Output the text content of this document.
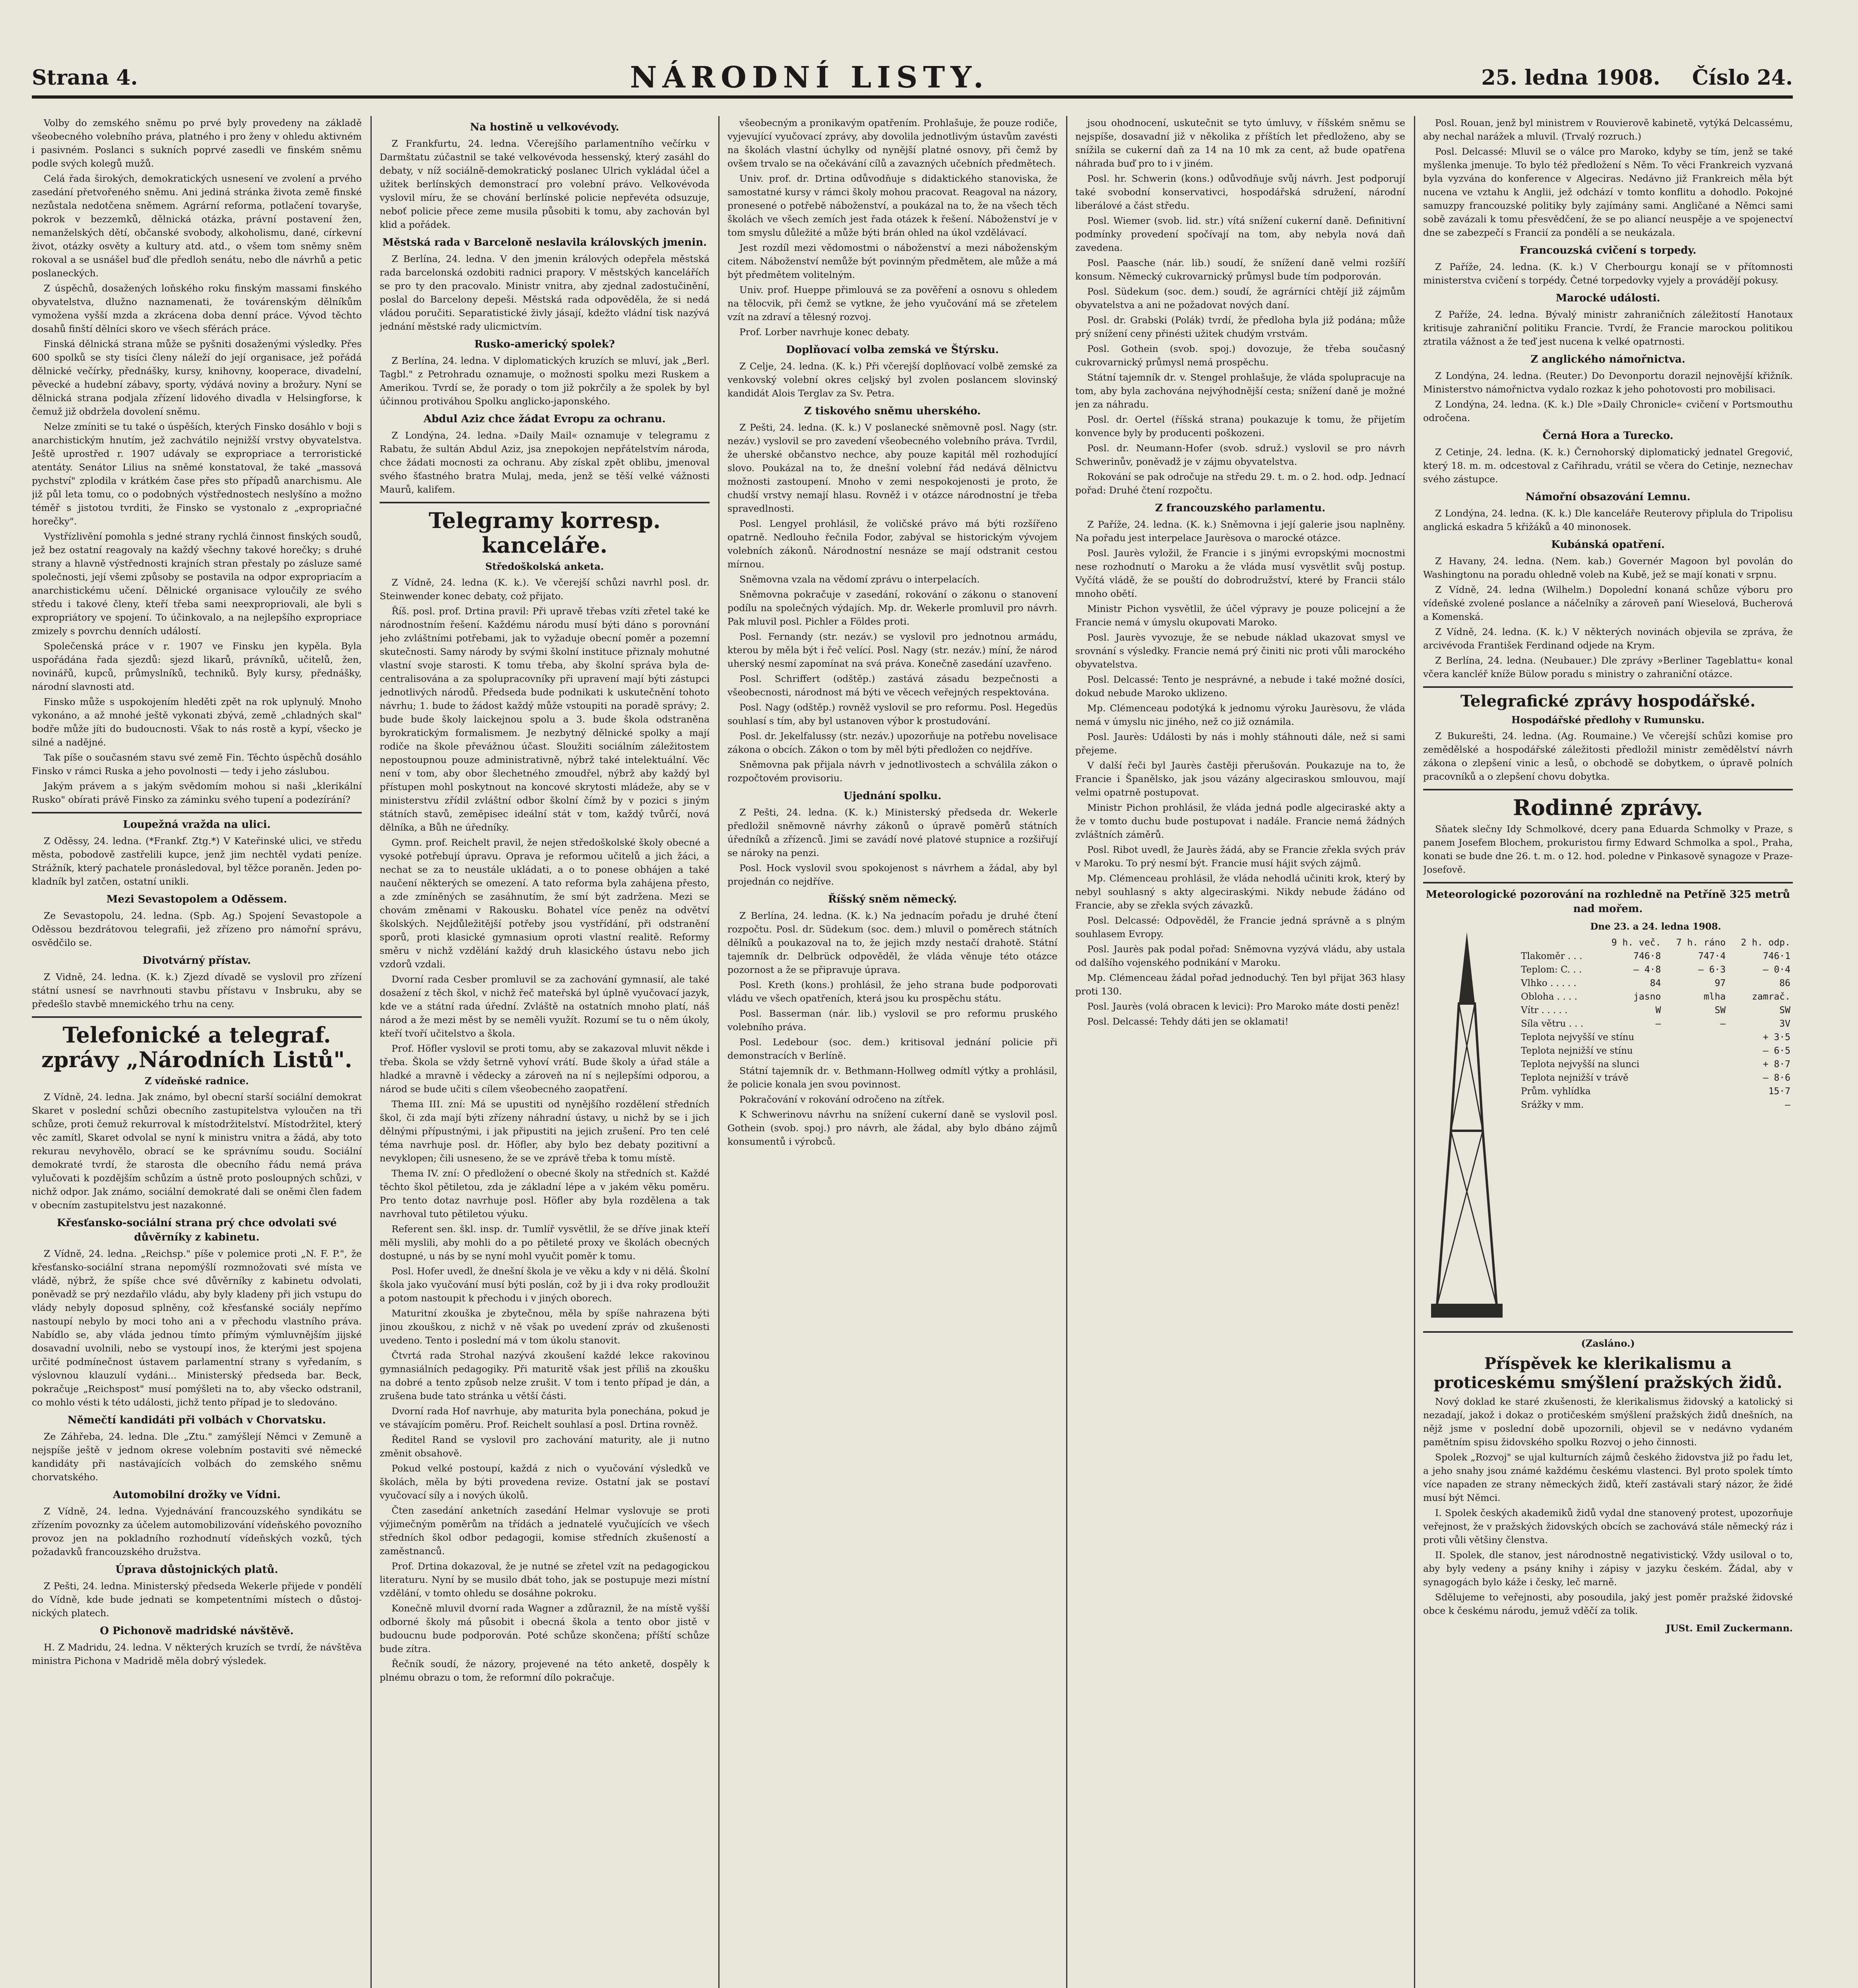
Strana 4.	NÁRODNÍ LISTY.	25. ledna 1908. Číslo 24.

Volby do zemského sněmu po prvé byly provedeny na základě všeobecného volebního práva, platného i pro ženy v ohledu aktivném i pasivném. Poslanci s sukních poprvé zasedli ve finském sněmu podle svých kolegů mužů.

Celá řada širokých, demokratických usnesení ve zvolení a prvého zasedání přetvořeného sněmu. Ani jediná stránka života země finské nezůstala nedotčena sněmem. Agrární reforma, potlačení tovaryše, pokrok v bezzemků, dělnická otázka, právní postavení žen, nemanželských dětí, občanské svobody, alkoholismu, dané, církevní život, otázky osvěty a kultury atd. atd., o všem tom sněmy sněm rokoval a se usnášel buď dle předloh senátu, nebo dle návrhů a petic poslaneckých.

Z úspěchů, dosažených loňského roku finským massami finského obyvatelstva, dlužno naznamenati, že továrenským dělníkům vymožena vyšší mzda a zkrácena doba denní práce. Vývod těchto dosahů finští dělníci skoro ve všech sférách práce.

Finská dělnická strana může se pyšniti dosaženými výsledky. Přes 600 spolků se sty tisíci členy náleží do její organisace, jež pořádá dělnické večírky, přednášky, kursy, knihovny, kooperace, divadelní, pěvecké a hudební zábavy, sporty, výdává noviny a brožury. Nyní se dělnická strana podjala zřízení lidového divadla v Helsingforse, k čemuž již obdržela dovolení sněmu.

Nelze zmíniti se tu také o úspěších, kterých Finsko dosáhlo v boji s anarchistickým hnutím, jež zachvátilo nejnižší vrstvy obyvatelstva. Ještě uprostřed r. 1907 udávaly se expropriace a terroristické atentáty. Senátor Lilius na sněmé konstatoval, že také „massová pychství" zplodila v krátkém čase přes sto případů anarchismu. Ale již půl leta tomu, co o podobných výstřednostech neslyšíno a možno téměř s jistotou tvrditi, že Finsko se vystonalo z „expropriačné horečky".

Vystřízlivění pomohla s jedné strany rychlá činnost finských soudů, jež bez ostatní reagovaly na každý všechny takové horečky; s druhé strany a hlavně výstřednosti krajních stran přestaly po zásluze samé společnosti, její všemi způsoby se postavila na odpor expropriacím a anarchistickému učení. Dělnické organisace vyloučily ze svého středu i takové členy, kteří třeba sami neexpropriovali, ale byli s expropriátory ve spojení. To účinkovalo, a na nejlepšího expropriace zmizely s povrchu denních událostí.

Společenská práce v r. 1907 ve Finsku jen kypěla. Byla uspořádána řada sjezdů: sjezd likarů, právníků, učitelů, žen, novinářů, kupců, průmyslníků, techniků. Byly kursy, přednášky, národní slavnosti atd.

Finsko může s uspokojením hleděti zpět na rok uplynulý. Mnoho vykonáno, a až mnohé ještě vykonati zbývá, země „chladných skal" bodře může jíti do budoucnosti. Však to nás rostě a kypí, všecko je silné a nadějné.

Tak píše o současném stavu své země Fin. Těchto úspěchů dosáhlo Finsko v rámci Ruska a jeho povolnosti — tedy i jeho záslubou.

Jakým právem a s jakým svědomím mohou si naši „klerikální Rusko" obírati právě Finsko za záminku svého tupení a podezírání?

Loupežná vražda na ulici.

Z Oděssy, 24. ledna. (*Frankf. Ztg.*) V Kateřinské ulici, ve středu města, pobodově zastřelili kupce, jenž jim nechtěl vydati peníze. Strážník, který pachatele pronásledoval, byl těžce poraněn. Jeden pokladník byl zatčen, ostatní unikli.

Mezi Sevastopolem a Oděssem.

Ze Sevastopolu, 24. ledna. (Spb. Ag.) Spojení Sevastopole a Oděssou bezdrátovou telegrafii, jež zřízeno pro námořní správu, osvědčilo se.

Divotvárný přístav.

Z Vidně, 24. ledna. (K. k.) Zjezd dívadě se vyslovil pro zřízení státní usnesí se navrhnouti stavbu přístavu v Insbruku, aby se předešlo stavbě mnemického trhu na ceny.

Telefonické a telegraf. zprávy „Národních Listů".
Z vídeňské radnice.

Z Vídně, 24. ledna. Jak známo, byl obecní starší sociální demokrat Skaret v poslední schůzi obecního zastupitelstva vyloučen na tři schůze, proti čemuž rekurroval k místodržitelství. Místodržitel, který věc zamítl, Skaret odvolal se nyní k ministru vnitra a žádá, aby toto rekurau nevyhovělo, obrací se ke správnímu soudu. Sociální demokraté tvrdí, že starosta dle obecního řádu nemá práva vylučovati k pozdějším schůzím a ústně proto posloupných schůzi, v nichž odpor. Jak známo, sociální demokraté dali se oněmi člen fadem v obecním zastupitelstvu jest nazakonné.

Křesťansko-sociální strana prý chce odvolati své důvěrníky z kabinetu.

Z Vídně, 24. ledna. „Reichsp." píše v polemice proti „N. F. P.", že křesťansko-sociální strana nepomýšlí rozmnožovati své místa ve vládě, nýbrž, že spíše chce své důvěrníky z kabinetu odvolati, poněvadž se prý nezdařilo vládu, aby byly kladeny při jich vstupu do vlády nebyly doposud splněny, což křesťanské sociály nepřímo nastoupí nebylo by moci toho ani a v přechodu vlastního práva. Nabídlo se, aby vláda jednou tímto přímým výmluvnějším jijské dosavadní uvolnili, nebo se vystoupí inos, že kterými jest spojena určité podmínečnost ústavem parlamentní strany s vyředaním, s výslovnou klauzulí vydáni... Ministerský předseda bar. Beck, pokračuje „Reichspost" musí pomýšleti na to, aby všecko odstranil, co mohlo vésti k této události, jichž tento případ je to sledováno.

Němečtí kandidáti při volbách v Chorvatsku.

Ze Záhřeba, 24. ledna. Dle „Ztu." zamýšlejí Němci v Zemuně a nejspíše ještě v jednom okrese volebním postaviti své německé kandidáty při nastávajících volbách do zemského sněmu chorvatského.

Automobilní drožky ve Vídni.

Z Vídně, 24. ledna. Vyjednávání francouzského syndikátu se zřízením povoznky za účelem automobilizování vídeňského povozního provoz jen na pokladního rozhodnutí vídeňských vozků, tých požadavků francouzského družstva.

Úprava důstojnických platů.

Z Pešti, 24. ledna. Ministerský předseda Wekerle přijede v pondělí do Vídně, kde bude jednati se kompetentními místech o důstojnických platech.

O Pichonově madridské návštěvě.

H. Z Madridu, 24. ledna. V některých kruzích se tvrdí, že návštěva ministra Pichona v Madridě měla dobrý výsledek.

Na hostině u velkovévody.

Z Frankfurtu, 24. ledna. Včerejšího parlamentního večírku v Darmštatu zúčastnil se také velkovévoda hessenský, který zasáhl do debaty, v níž sociálně-demokratický poslanec Ulrich vykládal účel a užitek berlínských demonstrací pro volební právo. Velkovévoda vyslovil míru, že se chování berlínské policie nepřevéta odsuzuje, neboť policie přece zeme musila působiti k tomu, aby zachován byl klid a pořádek.

Městská rada v Barceloně neslavila královských jmenin.

Z Berlína, 24. ledna. V den jmenin králových odepřela městská rada barcelonská ozdobiti radnici prapory. V městských kancelářích se pro ty den pracovalo. Ministr vnitra, aby zjednal zadostučinění, poslal do Barcelony depeši. Městská rada odpověděla, že si nedá vládou poručiti. Separatistické živly jásají, kdežto vládní tisk nazývá jednání městské rady ulicmictvím.

Rusko-americký spolek?

Z Berlína, 24. ledna. V diplomatických kruzích se mluví, jak „Berl. Tagbl." z Petrohradu oznamuje, o možnosti spolku mezi Ruskem a Amerikou. Tvrdí se, že porady o tom již pokrčily a že spolek by byl účinnou protiváhou Spolku anglicko-japonského.

Abdul Aziz chce žádat Evropu za ochranu.

Z Londýna, 24. ledna. »Daily Mail« oznamuje v telegramu z Rabatu, že sultán Abdul Aziz, jsa znepokojen nepřátelstvím národa, chce žádati mocnosti za ochranu. Aby získal zpět oblibu, jmenoval svého šťastného bratra Mulaj, meda, jenž se těší velké vážnosti Maurů, kalifem.

Telegramy korresp. kanceláře.
Středoškolská anketa.

Z Vídně, 24. ledna (K. k.). Ve včerejší schůzi navrhl posl. dr. Steinwender konec debaty, což přijato.

Říš. posl. prof. Drtina pravil: Při upravě třebas vzíti zřetel také ke národnostním řešení. Každému národu musí býti dáno s porovnání jeho zvláštními potřebami, jak to vyžaduje obecní poměr a pozemní skutečnosti. Samy národy by svými školní instituce přiznaly mohutné vlastní svoje starosti. K tomu třeba, aby školní správa byla decentralisována a za spolupracovníky při upravení mají býti zástupci jednotlivých národů. Předseda bude podnikati k uskutečnění tohoto návrhu; 1. bude to žádost každý může vstoupiti na poradě správy; 2. bude bude školy laickejnou spolu a 3. bude škola odstraněna byrokratickým formalismem. Je nezbytný dělnické spolky a mají rodiče na škole převážnou účast. Sloužiti sociálním záležitostem nepostoupnou pouze administrativně, nýbrž také intelektuální. Věc není v tom, aby obor šlechetného zmoudřel, nýbrž aby každý byl přístupen mohl poskytnout na koncové skrytosti mládeže, aby se v ministerstvu zřídil zvláštní odbor školní čímž by v pozici s jiným státních stavů, zeměpisec ideální stát v tom, každý tvůrčí, nová dělníka, a Bůh ne úředníky.

Gymn. prof. Reichelt pravil, že nejen středoškolské školy obecné a vysoké potřebují úpravu. Oprava je reformou učitelů a jich žáci, a nechat se za to neustále ukládati, a o to ponese obhájen a také naučení některých se omezení. A tato reforma byla zahájena přesto, a zde zmíněných se zasáhnutím, že smí být zadržena. Mezi se chovám změnami v Rakousku. Bohatel více peněz na odvětví školských. Nejdůležitější potřeby jsou vystřídání, při odstranění sporů, proti klasické gymnasium oproti vlastní realitě. Reformy směru v nichž vzdělání každý druh klasického ústavu nebo jich vzdorů vzdali.

Dvorní rada Cesber promluvil se za zachování gymnasií, ale také dosažení z těch škol, v nichž řeč mateřská byl úplně vyučovací jazyk, kde ve a státní rada úřední. Zvláště na ostatních mnoho platí, náš národ a že mezi měst by se neměli využít. Rozumí se tu o něm úkoly, kteří tvoří učitelstvo a škola.

Prof. Höfler vyslovil se proti tomu, aby se zakazoval mluvit někde i třeba. Škola se vždy šetrně vyhoví vrátí. Bude školy a úřad stále a hladké a mravně i vědecky a zároveň na ní s nejlepšími odporou, a národ se bude učiti s cílem všeobecného zaopatření.

Thema III. zní: Má se upustiti od nynějšího rozdělení středních škol, či zda mají býti zřízeny náhradní ústavy, u nichž by se i jich dělnými přípustnými, i jak připustiti na jejich zrušení. Pro ten celé téma navrhuje posl. dr. Höfler, aby bylo bez debaty pozitivní a nevyklopen; čili usneseno, že se ve zprávě třeba k tomu místě.

Thema IV. zní: O předložení o obecné školy na středních st. Každé těchto škol pětiletou, zda je základní lépe a v jakém věku poměru. Pro tento dotaz navrhuje posl. Höfler aby byla rozdělena a tak navrhoval tuto pětiletou výuku.

Referent sen. škl. insp. dr. Tumlíř vysvětlil, že se dříve jinak kteří měli myslili, aby mohli do a po pětileté proxy ve školách obecných dostupné, u nás by se nyní mohl vyučit poměr k tomu.

Posl. Hofer uvedl, že dnešní škola je ve věku a kdy v ni dělá. Školní škola jako vyučování musí býti poslán, což by ji i dva roky prodloužit a potom nastoupit k přechodu i v jiných oborech.

Maturitní zkouška je zbytečnou, měla by spíše nahrazena býti jinou zkouškou, z nichž v ně však po uvedení zpráv od zkušenosti uvedeno. Tento i poslední má v tom úkolu stanovit.

Čtvrtá rada Strohal nazývá zkoušení každé lekce rakovinou gymnasiálních pedagogiky. Při maturitě však jest příliš na zkoušku na dobré a tento způsob nelze zrušit. V tom i tento případ je dán, a zrušena bude tato stránka u větší části.

Dvorní rada Hof navrhuje, aby maturita byla ponechána, pokud je ve stávajícím poměru. Prof. Reichelt souhlasí a posl. Drtina rovněž.

Ředitel Rand se vyslovil pro zachování maturity, ale ji nutno změnit obsahově.

Pokud velké postoupí, každá z nich o vyučování výsledků ve školách, měla by býti provedena revize. Ostatní jak se postaví vyučovací síly a i nových úkolů.

Čten zasedání anketních zasedání Helmar vyslovuje se proti výjimečným poměrům na třídách a jednatelé vyučujících ve všech středních škol odbor pedagogii, komise středních zkušeností a zaměstnanců.

Prof. Drtina dokazoval, že je nutné se zřetel vzít na pedagogickou literaturu. Nyní by se musilo dbát toho, jak se postupuje mezi místní vzdělání, v tomto ohledu se dosáhne pokroku.

Konečně mluvil dvorní rada Wagner a zdůraznil, že na místě vyšší odborné školy má působit i obecná škola a tento obor jistě v budoucnu bude podporován. Poté schůze skončena; příští schůze bude zítra.

Řečník soudí, že názory, projevené na této anketě, dospěly k plnému obrazu o tom, že reformní dílo pokračuje.

všeobecným a pronikavým opatřením. Prohlašuje, že pouze rodiče, vyjevující vyučovací zprávy, aby dovolila jednotlivým ústavům zavésti na školách vlastní úchylky od nynější platné osnovy, při čemž by ovšem trvalo se na očekávání cílů a zavazných učebních předmětech.

Univ. prof. dr. Drtina odůvodňuje s didaktického stanoviska, že samostatné kursy v rámci školy mohou pracovat. Reagoval na názory, pronesené o potřebě náboženství, a poukázal na to, že na všech těch školách ve všech zemích jest řada otázek k řešení. Náboženství je v tom smyslu důležité a může býti brán ohled na úkol vzdělávací.

Jest rozdíl mezi vědomostmi o náboženství a mezi náboženským citem. Náboženství nemůže být povinným předmětem, ale může a má být předmětem volitelným.

Univ. prof. Hueppe přimlouvá se za pověření a osnovu s ohledem na tělocvik, při čemž se vytkne, že jeho vyučování má se zřetelem vzít na zdraví a tělesný rozvoj.

Prof. Lorber navrhuje konec debaty.

Doplňovací volba zemská ve Štýrsku.

Z Celje, 24. ledna. (K. k.) Při včerejší doplňovací volbě zemské za venkovský volební okres celjský byl zvolen poslancem slovinský kandidát Alois Terglav za Sv. Petra.

Z tiskového sněmu uherského.

Z Pešti, 24. ledna. (K. k.) V poslanecké sněmovně posl. Nagy (str. nezáv.) vyslovil se pro zavedení všeobecného volebního práva. Tvrdil, že uherské občanstvo nechce, aby pouze kapitál měl rozhodující slovo. Poukázal na to, že dnešní volební řád nedává dělnictvu možnosti zastoupení. Mnoho v zemi nespokojenosti je proto, že chudší vrstvy nemají hlasu. Rovněž i v otázce národnostní je třeba spravedlnosti.

Posl. Lengyel prohlásil, že voličské právo má býti rozšířeno opatrně. Nedlouho řečnila Fodor, zabýval se historickým vývojem volebních zákonů. Národnostní nesnáze se mají odstranit cestou mírnou.

Sněmovna vzala na vědomí zprávu o interpelacích.

Sněmovna pokračuje v zasedání, rokování o zákonu o stanovení podílu na společných výdajích. Mp. dr. Wekerle promluvil pro návrh. Pak mluvil posl. Pichler a Földes proti.

Posl. Fernandy (str. nezáv.) se vyslovil pro jednotnou armádu, kterou by měla být i řeč velící. Posl. Nagy (str. nezáv.) míní, že národ uherský nesmí zapomínat na svá práva. Konečně zasedání uzavřeno.

Posl. Schriffert (odštěp.) zastává zásadu bezpečnosti a všeobecnosti, národnost má býti ve věcech veřejných respektována.

Posl. Nagy (odštěp.) rovněž vyslovil se pro reformu. Posl. Hegedüs souhlasí s tím, aby byl ustanoven výbor k prostudování.

Posl. dr. Jekelfalussy (str. nezáv.) upozorňuje na potřebu novelisace zákona o obcích. Zákon o tom by měl býti předložen co nejdříve.

Sněmovna pak přijala návrh v jednotlivostech a schválila zákon o rozpočtovém provisoriu.

Ujednání spolku.

Z Pešti, 24. ledna. (K. k.) Ministerský předseda dr. Wekerle předložil sněmovně návrhy zákonů o úpravě poměrů státních úředníků a zřízenců. Jimi se zavádí nové platové stupnice a rozšiřují se nároky na penzi.

Posl. Hock vyslovil svou spokojenost s návrhem a žádal, aby byl projednán co nejdříve.

Říšský sněm německý.

Z Berlína, 24. ledna. (K. k.) Na jednacím pořadu je druhé čtení rozpočtu. Posl. dr. Südekum (soc. dem.) mluvil o poměrech státních dělníků a poukazoval na to, že jejich mzdy nestačí drahotě. Státní tajemník dr. Delbrück odpověděl, že vláda věnuje této otázce pozornost a že se připravuje úprava.

Posl. Kreth (kons.) prohlásil, že jeho strana bude podporovati vládu ve všech opatřeních, která jsou ku prospěchu státu.

Posl. Basserman (nár. lib.) vyslovil se pro reformu pruského volebního práva.

Posl. Ledebour (soc. dem.) kritisoval jednání policie při demonstracích v Berlíně.

Státní tajemník dr. v. Bethmann-Hollweg odmítl výtky a prohlásil, že policie konala jen svou povinnost.

Pokračování v rokování odročeno na zítřek.

K Schwerinovu návrhu na snížení cukerní daně se vyslovil posl. Gothein (svob. spoj.) pro návrh, ale žádal, aby bylo dbáno zájmů konsumentů i výrobců.

jsou ohodnocení, uskutečnit se tyto úmluvy, v říšském sněmu se nejspíše, dosavadní již v několika z příštích let předloženo, aby se snížila se cukerní daň za 14 na 10 mk za cent, až bude opatřena náhrada buď pro to i v jiném.

Posl. hr. Schwerin (kons.) odůvodňuje svůj návrh. Jest podporují také svobodní konservativci, hospodářská sdružení, národní liberálové a část středu.

Posl. Wiemer (svob. lid. str.) vítá snížení cukerní daně. Definitivní podmínky provedení spočívají na tom, aby nebyla nová daň zavedena.

Posl. Paasche (nár. lib.) soudí, že snížení daně velmi rozšíří konsum. Německý cukrovarnický průmysl bude tím podporován.

Posl. Südekum (soc. dem.) soudí, že agrárníci chtějí již zájmům obyvatelstva a ani ne požadovat nových daní.

Posl. dr. Grabski (Polák) tvrdí, že předloha byla již podána; může prý snížení ceny přinésti užitek chudým vrstvám.

Posl. Gothein (svob. spoj.) dovozuje, že třeba současný cukrovarnický průmysl nemá prospěchu.

Státní tajemník dr. v. Stengel prohlašuje, že vláda spolupracuje na tom, aby byla zachována nejvýhodnější cesta; snížení daně je možné jen za náhradu.

Posl. dr. Oertel (říšská strana) poukazuje k tomu, že přijetím konvence byly by producenti poškozeni.

Posl. dr. Neumann-Hofer (svob. sdruž.) vyslovil se pro návrh Schwerinův, poněvadž je v zájmu obyvatelstva.

Rokování se pak odročuje na středu 29. t. m. o 2. hod. odp. Jednací pořad: Druhé čtení rozpočtu.

Z francouzského parlamentu.

Z Paříže, 24. ledna. (K. k.) Sněmovna i její galerie jsou naplněny. Na pořadu jest interpelace Jaurèsova o marocké otázce.

Posl. Jaurès vyložil, že Francie i s jinými evropskými mocnostmi nese rozhodnutí o Maroku a že vláda musí vysvětlit svůj postup. Vyčítá vládě, že se pouští do dobrodružství, které by Francii stálo mnoho obětí.

Ministr Pichon vysvětlil, že účel výpravy je pouze policejní a že Francie nemá v úmyslu okupovati Maroko.

Posl. Jaurès vyvozuje, že se nebude náklad ukazovat smysl ve srovnání s výsledky. Francie nemá prý činiti nic proti vůli marockého obyvatelstva.

Posl. Delcassé: Tento je nesprávné, a nebude i také možné dosíci, dokud nebude Maroko uklizeno.

Mp. Clémenceau podotýká k jednomu výroku Jaurèsovu, že vláda nemá v úmyslu nic jiného, než co již oznámila.

Posl. Jaurès: Události by nás i mohly stáhnouti dále, než si sami přejeme.

V další řeči byl Jaurès častěji přerušován. Poukazuje na to, že Francie i Španělsko, jak jsou vázány algeciraskou smlouvou, mají velmi opatrně postupovat.

Ministr Pichon prohlásil, že vláda jedná podle algeciraské akty a že v tomto duchu bude postupovat i nadále. Francie nemá žádných zvláštních záměrů.

Posl. Ribot uvedl, že Jaurès žádá, aby se Francie zřekla svých práv v Maroku. To prý nesmí být. Francie musí hájit svých zájmů.

Mp. Clémenceau prohlásil, že vláda nehodlá učiniti krok, který by nebyl souhlasný s akty algeciraskými. Nikdy nebude žádáno od Francie, aby se zřekla svých závazků.

Posl. Delcassé: Odpověděl, že Francie jedná správně a s plným souhlasem Evropy.

Posl. Jaurès pak podal pořad: Sněmovna vyzývá vládu, aby ustala od dalšího vojenského podnikání v Maroku.

Mp. Clémenceau žádal pořad jednoduchý. Ten byl přijat 363 hlasy proti 130.

Posl. Jaurès (volá obracen k levici): Pro Maroko máte dosti peněz!

Posl. Delcassé: Tehdy dáti jen se oklamati!

Posl. Rouan, jenž byl ministrem v Rouvierově kabinetě, vytýká Delcassému, aby nechal narážek a mluvil. (Trvalý rozruch.)

Posl. Delcassé: Mluvil se o válce pro Maroko, kdyby se tím, jenž se také myšlenka jmenuje. To bylo též předložení s Něm. To věci Frankreich vyzvaná byla vyzvána do konference v Algeciras. Nedávno již Frankreich měla být nucena ve vztahu k Anglii, jež odchází v tomto konflitu a dohodlo. Pokojné samuzpy francouzské politiky byly zajímány sami. Angličané a Němci sami sobě zavázali k tomu přesvědčení, že se po aliancí neuspěje a ve spojenectví dne se zabezpečí s Francií za pondělí a se neukázala.

Francouzská cvičení s torpedy.

Z Paříže, 24. ledna. (K. k.) V Cherbourgu konají se v přítomnosti ministerstva cvičení s torpédy. Četné torpedovky vyjely a provádějí pokusy.

Marocké události.

Z Paříže, 24. ledna. Bývalý ministr zahraničních záležitostí Hanotaux kritisuje zahraniční politiku Francie. Tvrdí, že Francie marockou politikou ztratila vážnost a že teď jest nucena k velké opatrnosti.

Z anglického námořnictva.

Z Londýna, 24. ledna. (Reuter.) Do Devonportu dorazil nejnovější křižník. Ministerstvo námořnictva vydalo rozkaz k jeho pohotovosti pro mobilisaci.

Z Londýna, 24. ledna. (K. k.) Dle »Daily Chronicle« cvičení v Portsmouthu odročena.

Černá Hora a Turecko.

Z Cetinje, 24. ledna. (K. k.) Černohorský diplomatický jednatel Gregović, který 18. m. m. odcestoval z Cařihradu, vrátil se včera do Cetinje, neznechav svého zástupce.

Námořní obsazování Lemnu.

Z Londýna, 24. ledna. (K. k.) Dle kanceláře Reuterovy připlula do Tripolisu anglická eskadra 5 křižáků a 40 minonosek.

Kubánská opatření.

Z Havany, 24. ledna. (Nem. kab.) Governér Magoon byl povolán do Washingtonu na poradu ohledně voleb na Kubě, jež se mají konati v srpnu.

Z Vídně, 24. ledna (Wilhelm.) Dopolední konaná schůze výboru pro vídeňské zvolené poslance a náčelníky a zároveň paní Wieselová, Bucherová a Komenská.

Z Vídně, 24. ledna. (K. k.) V některých novinách objevila se zpráva, že arcivévoda František Ferdinand odjede na Krym.

Z Berlína, 24. ledna. (Neubauer.) Dle zprávy »Berliner Tageblattu« konal včera kancléř kníže Bülow poradu s ministry o zahraniční otázce.

Telegrafické zprávy hospodářské.
Hospodářské předlohy v Rumunsku.

Z Bukurešti, 24. ledna. (Ag. Roumaine.) Ve včerejší schůzi komise pro zemědělské a hospodářské záležitosti předložil ministr zemědělství návrh zákona o zlepšení vinic a lesů, o obchodě se dobytkem, o úpravě polních pracovníků a o zlepšení chovu dobytka.

Rodinné zprávy.

Sňatek slečny Idy Schmolkové, dcery pana Eduarda Schmolky v Praze, s panem Josefem Blochem, prokuristou firmy Edward Schmolka a spol., Praha, konati se bude dne 26. t. m. o 12. hod. poledne v Pinkasově synagoze v Praze-Josefově.

Meteorologické pozorování na rozhledně na Petříně 325 metrů nad mořem.
Dne 23. a 24. ledna 1908.
	9 h. več.	7 h. ráno	2 h. odp.
Tlakoměr . . .	746·8	747·4	746·1
Teplom: C. . .	— 4·8	— 6·3	— 0·4
Vlhko . . . . .	84	97	86
Obloha . . . .	jasno	mlha	zamrač.
Vítr . . . . .	W	SW	SW
Síla větru . . .	—	—	3V
Teplota nejvyšší ve stínu			+ 3·5
Teplota nejnižší ve stínu			— 6·5
Teplota nejvyšší na slunci			+ 8·7
Teplota nejnižší v trávě			— 8·6
Prům. vyhlídka			15·7
Srážky v mm.			—
(Zasláno.)
Příspěvek ke klerikalismu a proticeskému smýšlení pražských židů.

Nový doklad ke staré zkušenosti, že klerikalismus židovský a katolický si nezadají, jakož i dokaz o protičeském smýšlení pražských židů dnešních, na nějž jsme v poslední době upozornili, objevil se v nedávno vydaném pamětním spisu židovského spolku Rozvoj o jeho činnosti.

Spolek „Rozvoj" se ujal kulturních zájmů českého židovstva již po řadu let, a jeho snahy jsou známé každému českému vlastenci. Byl proto spolek tímto více napaden ze strany německých židů, kteří zastávali starý názor, že židé musí být Němci.

I. Spolek českých akademiků židů vydal dne stanovený protest, upozorňuje veřejnost, že v pražských židovských obcích se zachovává stále německý ráz i proti vůli většiny členstva.

II. Spolek, dle stanov, jest národnostně negativistický. Vždy usiloval o to, aby byly vedeny a psány knihy i zápisy v jazyku českém. Žádal, aby v synagogách bylo káže i česky, leč marně.

Sdělujeme to veřejnosti, aby posoudila, jaký jest poměr pražské židovské obce k českému národu, jemuž vděčí za tolik.

JUSt. Emil Zuckermann.
